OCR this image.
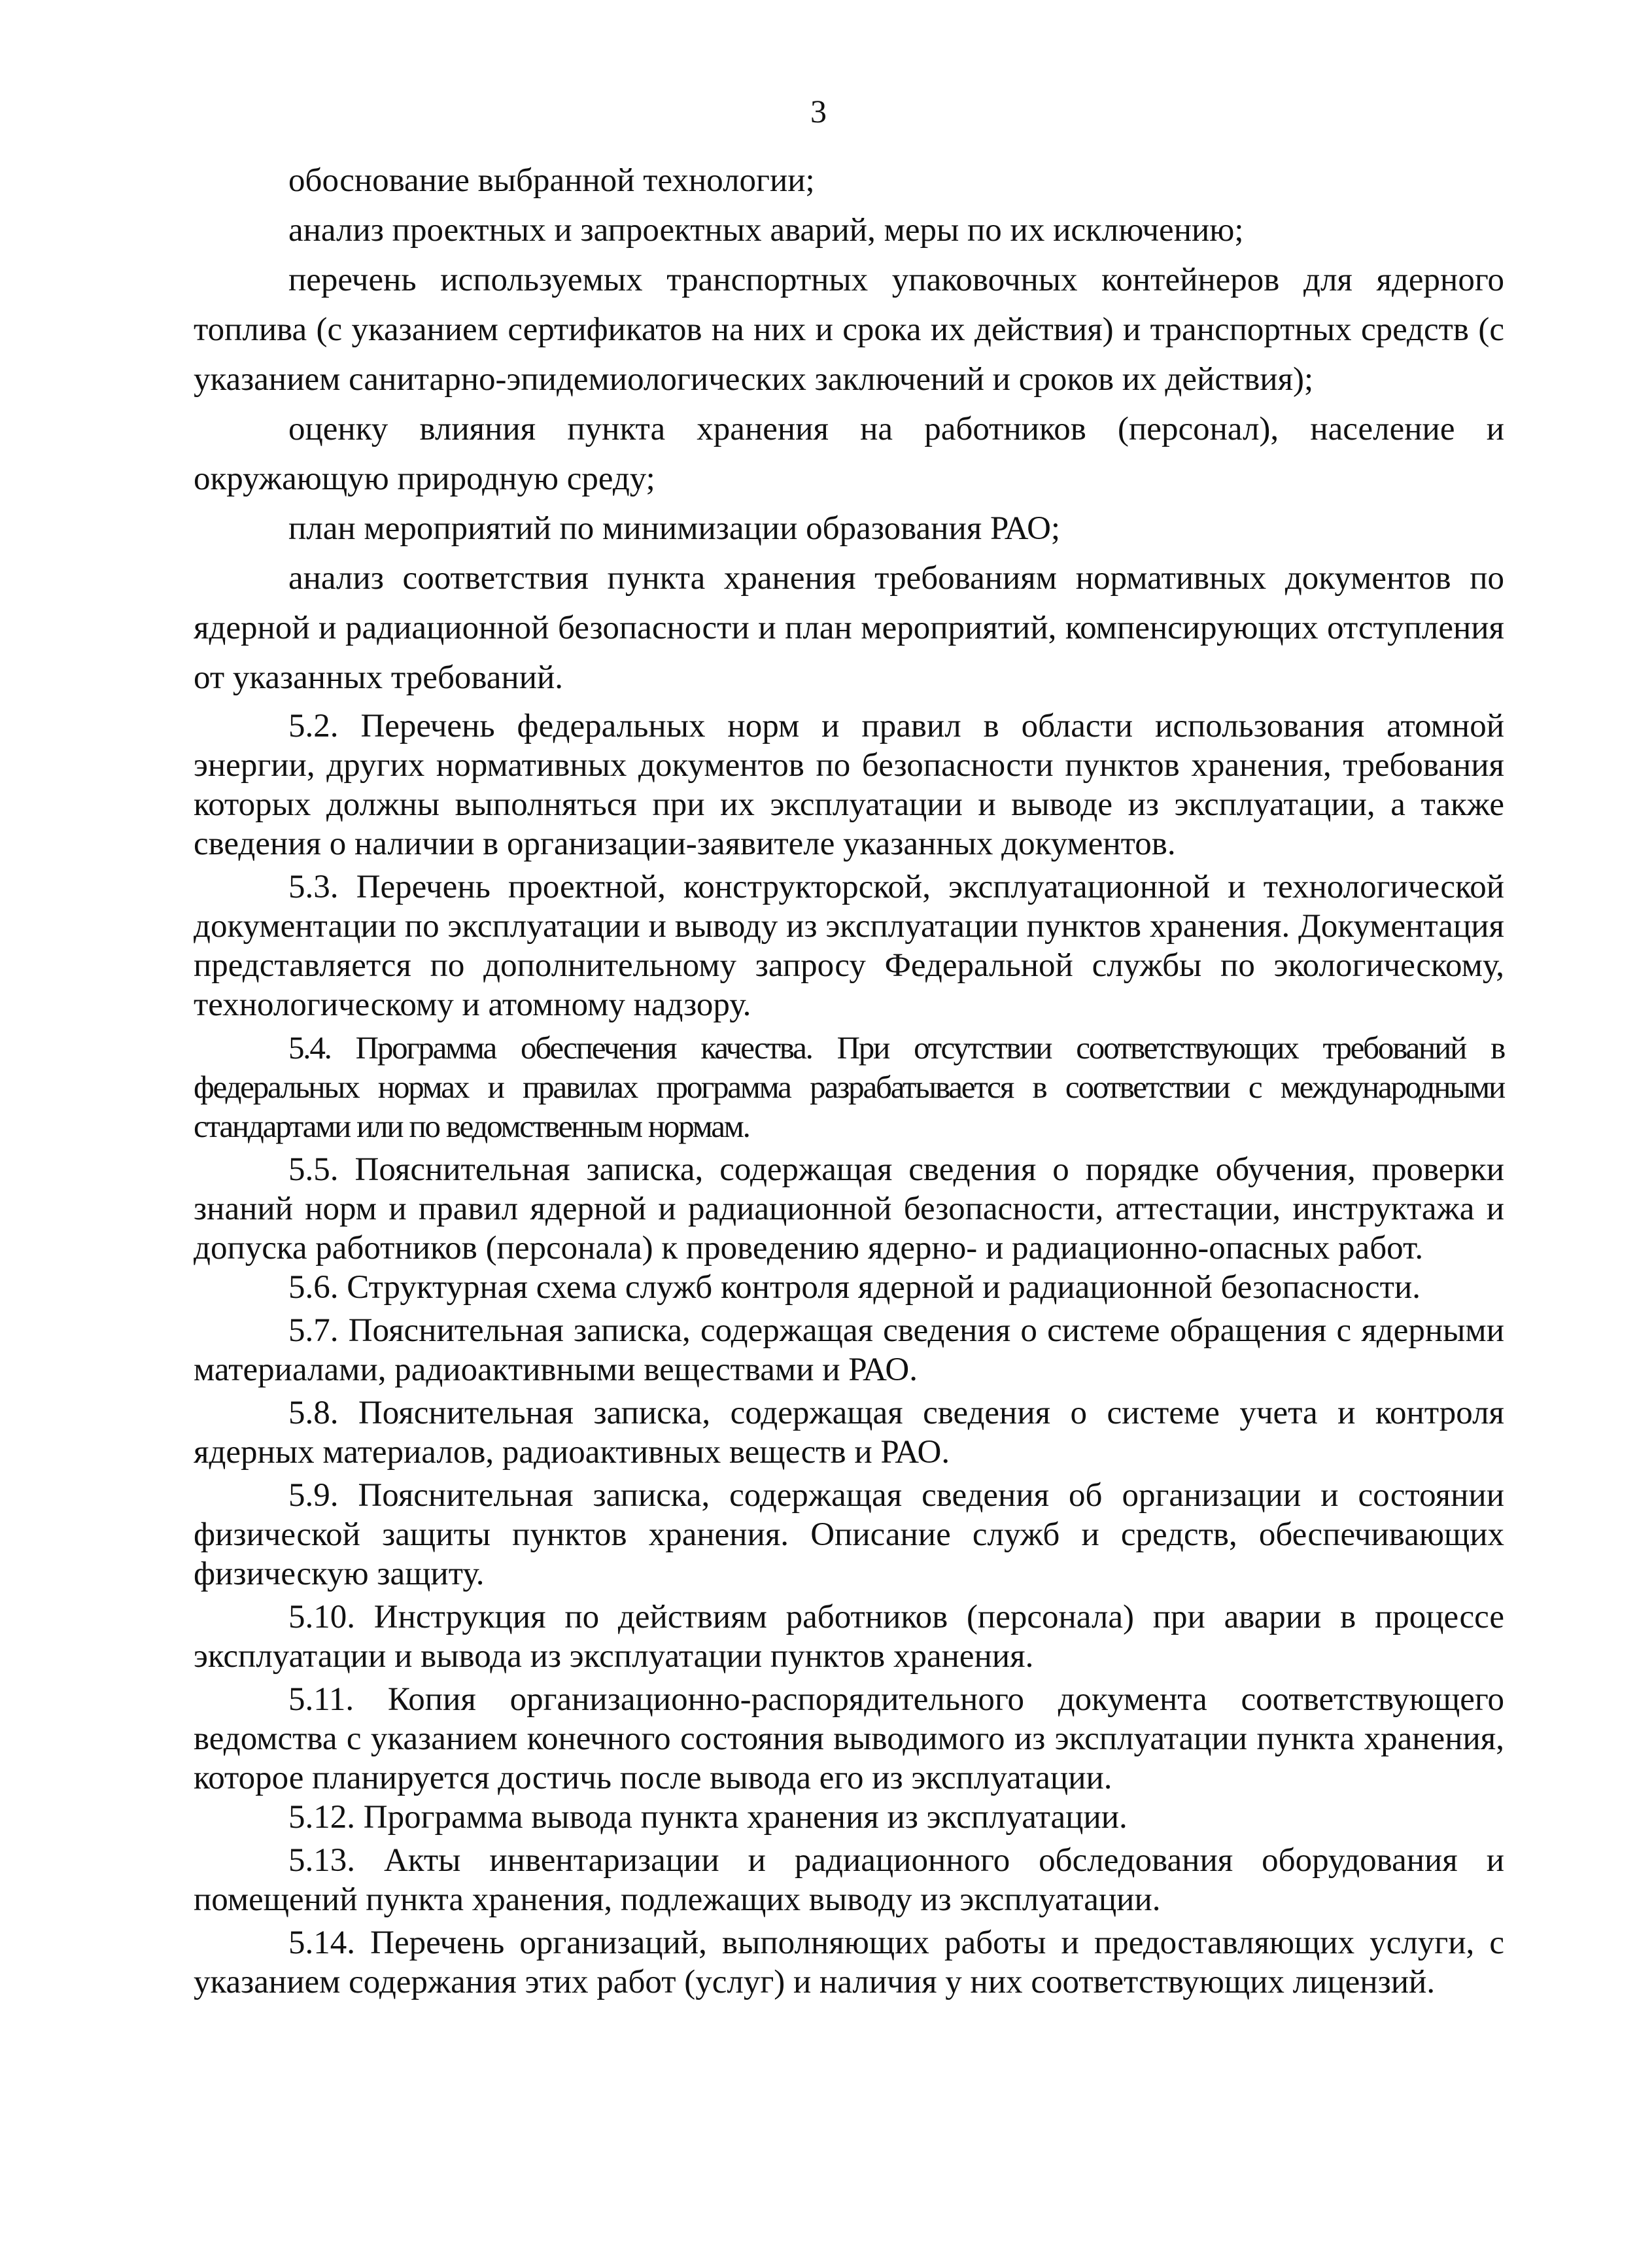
3

обоснование выбранной технологии;

анализ проектных и запроектных аварий, меры по их исключению;

перечень используемых транспортных упаковочных контейнеров для ядерного топлива (с указанием сертификатов на них и срока их действия) и транспортных средств (с указанием санитарно-эпидемиологических заключений и сроков их действия);

оценку влияния пункта хранения на работников (персонал), население и окружающую природную среду;

план мероприятий по минимизации образования РАО;

анализ соответствия пункта хранения требованиям нормативных документов по ядерной и радиационной безопасности и план мероприятий, компенсирующих отступления от указанных требований.

5.2. Перечень федеральных норм и правил в области использования атомной энергии, других нормативных документов по безопасности пунктов хранения, требования которых должны выполняться при их эксплуатации и выводе из эксплуатации, а также сведения о наличии в организации-заявителе указанных документов.

5.3. Перечень проектной, конструкторской, эксплуатационной и технологической документации по эксплуатации и выводу из эксплуатации пунктов хранения. Документация представляется по дополнительному запросу Федеральной службы по экологическому, технологическому и атомному надзору.

5.4. Программа обеспечения качества. При отсутствии соответствующих требований в федеральных нормах и правилах программа разрабатывается в соответствии с международными стандартами или по ведомственным нормам.

5.5. Пояснительная записка, содержащая сведения о порядке обучения, проверки знаний норм и правил ядерной и радиационной безопасности, аттестации, инструктажа и допуска работников (персонала) к проведению ядерно- и радиационно-опасных работ.

5.6. Структурная схема служб контроля ядерной и радиационной безопасности.

5.7. Пояснительная записка, содержащая сведения о системе обращения с ядерными материалами, радиоактивными веществами и РАО.

5.8. Пояснительная записка, содержащая сведения о системе учета и контроля ядерных материалов, радиоактивных веществ и РАО.

5.9. Пояснительная записка, содержащая сведения об организации и состоянии физической защиты пунктов хранения. Описание служб и средств, обеспечивающих физическую защиту.

5.10. Инструкция по действиям работников (персонала) при аварии в процессе эксплуатации и вывода из эксплуатации пунктов хранения.

5.11. Копия организационно-распорядительного документа соответствующего ведомства с указанием конечного состояния выводимого из эксплуатации пункта хранения, которое планируется достичь после вывода его из эксплуатации.

5.12. Программа вывода пункта хранения из эксплуатации.

5.13. Акты инвентаризации и радиационного обследования оборудования и помещений пункта хранения, подлежащих выводу из эксплуатации.

5.14. Перечень организаций, выполняющих работы и предоставляющих услуги, с указанием содержания этих работ (услуг) и наличия у них соответствующих лицензий.
